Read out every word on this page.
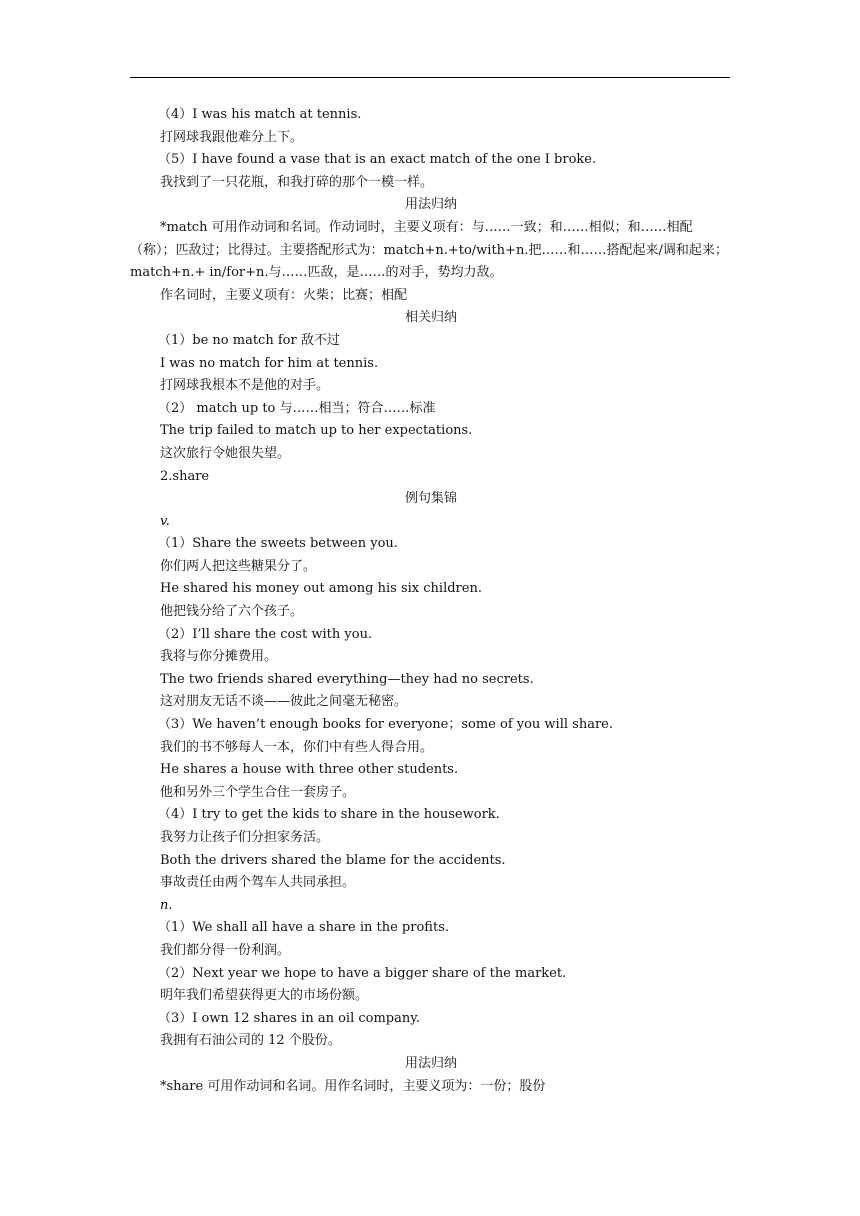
（4）I was his match at tennis.
打网球我跟他难分上下。
（5）I have found a vase that is an exact match of the one I broke.
我找到了一只花瓶，和我打碎的那个一模一样。
用法归纳
*match 可用作动词和名词。作动词时，主要义项有：与……一致；和……相似；和……相配（称）；匹敌过；比得过。主要搭配形式为：match+n.+to/with+n.把……和……搭配起来/调和起来；match+n.+ in/for+n.与……匹敌，是……的对手，势均力敌。
作名词时，主要义项有：火柴；比赛；相配
相关归纳
（1）be no match for 敌不过
I was no match for him at tennis.
打网球我根本不是他的对手。
（2） match up to 与……相当；符合……标准
The trip failed to match up to her expectations.
这次旅行令她很失望。
2.share
例句集锦
v.
（1）Share the sweets between you.
你们两人把这些糖果分了。
He shared his money out among his six children.
他把钱分给了六个孩子。
（2）I’ll share the cost with you.
我将与你分摊费用。
The two friends shared everything—they had no secrets.
这对朋友无话不谈——彼此之间毫无秘密。
（3）We haven’t enough books for everyone；some of you will share.
我们的书不够每人一本，你们中有些人得合用。
He shares a house with three other students.
他和另外三个学生合住一套房子。
（4）I try to get the kids to share in the housework.
我努力让孩子们分担家务活。
Both the drivers shared the blame for the accidents.
事故责任由两个驾车人共同承担。
n.
（1）We shall all have a share in the profits.
我们都分得一份利润。
（2）Next year we hope to have a bigger share of the market.
明年我们希望获得更大的市场份额。
（3）I own 12 shares in an oil company.
我拥有石油公司的 12 个股份。
用法归纳
*share 可用作动词和名词。用作名词时，主要义项为：一份；股份
